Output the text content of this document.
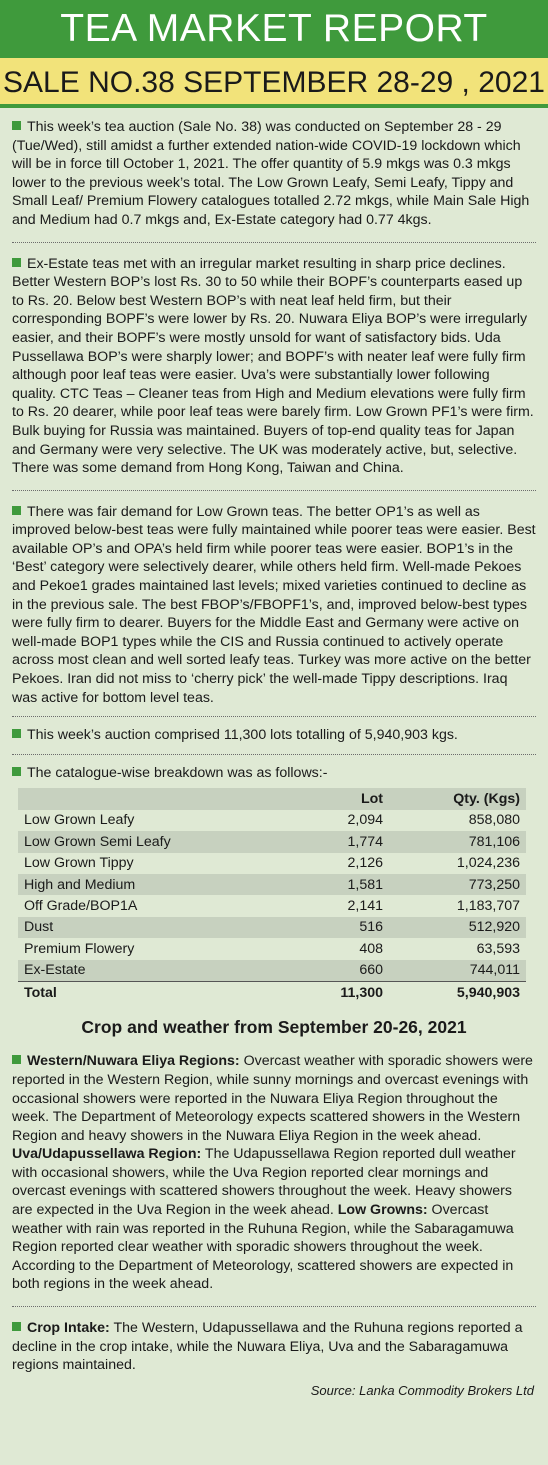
TEA MARKET REPORT
SALE NO.38 SEPTEMBER 28-29 , 2021

This week’s tea auction (Sale No. 38) was conducted on September 28 - 29 (Tue/Wed), still amidst a further extended nation-wide COVID-19 lockdown which will be in force till October 1, 2021. The offer quantity of 5.9 mkgs was 0.3 mkgs lower to the previous week’s total. The Low Grown Leafy, Semi Leafy, Tippy and Small Leaf/ Premium Flowery catalogues totalled 2.72 mkgs, while Main Sale High and Medium had 0.7 mkgs and, Ex-Estate category had 0.77 4kgs.

Ex-Estate teas met with an irregular market resulting in sharp price declines. Better Western BOP’s lost Rs. 30 to 50 while their BOPF’s counterparts eased up to Rs. 20. Below best Western BOP’s with neat leaf held firm, but their corresponding BOPF’s were lower by Rs. 20. Nuwara Eliya BOP’s were irregularly easier, and their BOPF’s were mostly unsold for want of satisfactory bids. Uda Pussellawa BOP’s were sharply lower; and BOPF’s with neater leaf were fully firm although poor leaf teas were easier. Uva’s were substantially lower following quality. CTC Teas – Cleaner teas from High and Medium elevations were fully firm to Rs. 20 dearer, while poor leaf teas were barely firm. Low Grown PF1’s were firm. Bulk buying for Russia was maintained. Buyers of top-end quality teas for Japan and Germany were very selective. The UK was moderately active, but, selective. There was some demand from Hong Kong, Taiwan and China.

There was fair demand for Low Grown teas. The better OP1’s as well as improved below-best teas were fully maintained while poorer teas were easier. Best available OP’s and OPA’s held firm while poorer teas were easier. BOP1’s in the ‘Best’ category were selectively dearer, while others held firm. Well-made Pekoes and Pekoe1 grades maintained last levels; mixed varieties continued to decline as in the previous sale. The best FBOP’s/FBOPF1’s, and, improved below-best types were fully firm to dearer. Buyers for the Middle East and Germany were active on well-made BOP1 types while the CIS and Russia continued to actively operate across most clean and well sorted leafy teas. Turkey was more active on the better Pekoes. Iran did not miss to ‘cherry pick’ the well-made Tippy descriptions. Iraq was active for bottom level teas.

This week’s auction comprised 11,300 lots totalling of 5,940,903 kgs.

The catalogue-wise breakdown was as follows:-

	Lot	Qty. (Kgs)
Low Grown Leafy	2,094	858,080
Low Grown Semi Leafy	1,774	781,106
Low Grown Tippy	2,126	1,024,236
High and Medium	1,581	773,250
Off Grade/BOP1A	2,141	1,183,707
Dust	516	512,920
Premium Flowery	408	63,593
Ex-Estate	660	744,011
Total	11,300	5,940,903
Crop and weather from September 20-26, 2021

Western/Nuwara Eliya Regions: Overcast weather with sporadic showers were reported in the Western Region, while sunny mornings and overcast evenings with occasional showers were reported in the Nuwara Eliya Region throughout the week. The Department of Meteorology expects scattered showers in the Western Region and heavy showers in the Nuwara Eliya Region in the week ahead. Uva/Udapussellawa Region: The Udapussellawa Region reported dull weather with occasional showers, while the Uva Region reported clear mornings and overcast evenings with scattered showers throughout the week. Heavy showers are expected in the Uva Region in the week ahead. Low Growns: Overcast weather with rain was reported in the Ruhuna Region, while the Sabaragamuwa Region reported clear weather with sporadic showers throughout the week. According to the Department of Meteorology, scattered showers are expected in both regions in the week ahead.

Crop Intake: The Western, Udapussellawa and the Ruhuna regions reported a decline in the crop intake, while the Nuwara Eliya, Uva and the Sabaragamuwa regions maintained.

Source: Lanka Commodity Brokers Ltd
